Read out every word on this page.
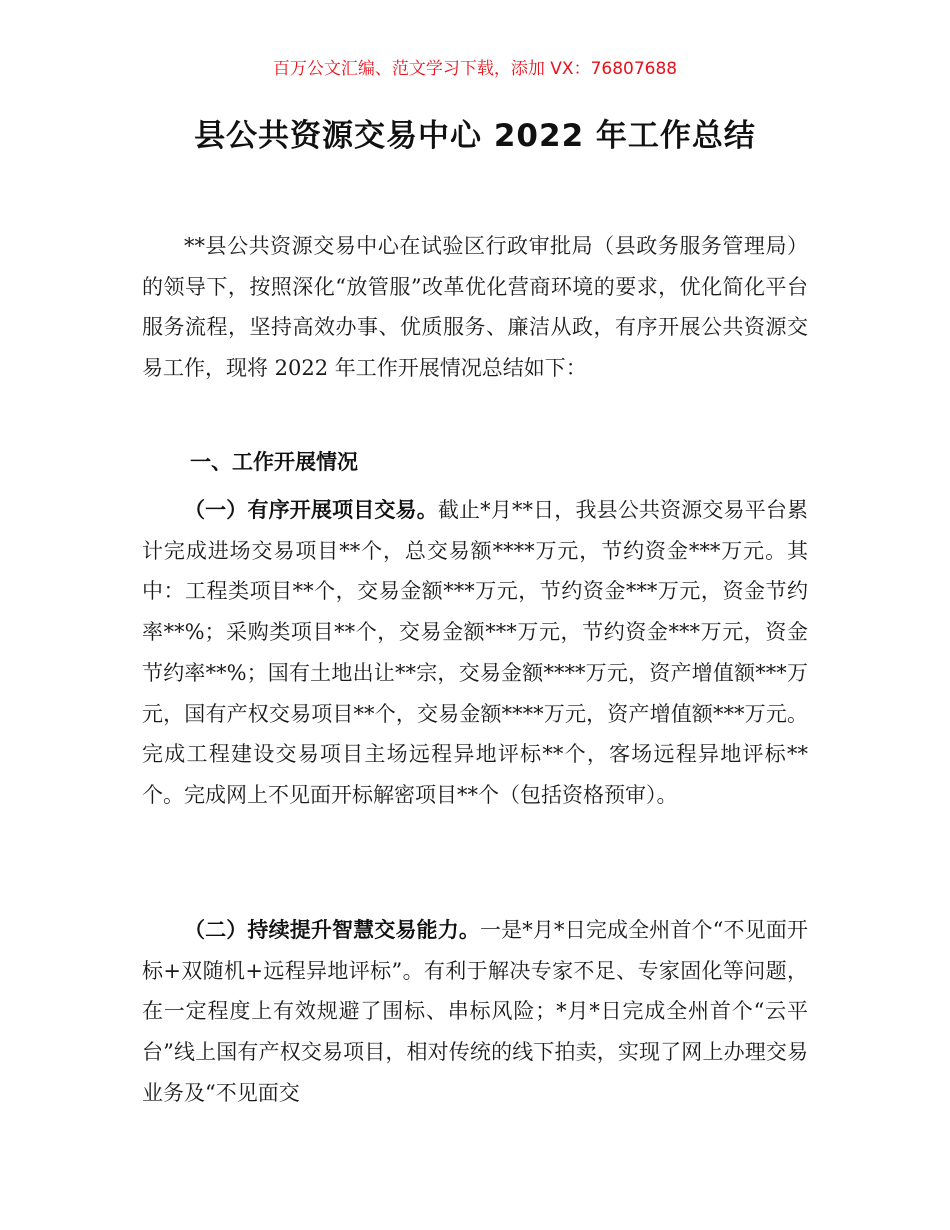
百万公文汇编、范文学习下载，添加 VX：76807688
县公共资源交易中心 2022 年工作总结

**县公共资源交易中心在试验区行政审批局（县政务服务管理局）的领导下，按照深化“放管服”改革优化营商环境的要求，优化简化平台服务流程，坚持高效办事、优质服务、廉洁从政，有序开展公共资源交易工作，现将 2022 年工作开展情况总结如下：

一、工作开展情况

（一）有序开展项目交易。截止*月**日，我县公共资源交易平台累计完成进场交易项目**个，总交易额****万元，节约资金***万元。其中：工程类项目**个，交易金额***万元，节约资金***万元，资金节约率**%；采购类项目**个，交易金额***万元，节约资金***万元，资金节约率**%；国有土地出让**宗，交易金额****万元，资产增值额***万元，国有产权交易项目**个，交易金额****万元，资产增值额***万元。完成工程建设交易项目主场远程异地评标**个，客场远程异地评标**个。完成网上不见面开标解密项目**个（包括资格预审）。

（二）持续提升智慧交易能力。一是*月*日完成全州首个“不见面开标+双随机+远程异地评标”。有利于解决专家不足、专家固化等问题，在一定程度上有效规避了围标、串标风险；*月*日完成全州首个“云平台”线上国有产权交易项目，相对传统的线下拍卖，实现了网上办理交易业务及“不见面交
